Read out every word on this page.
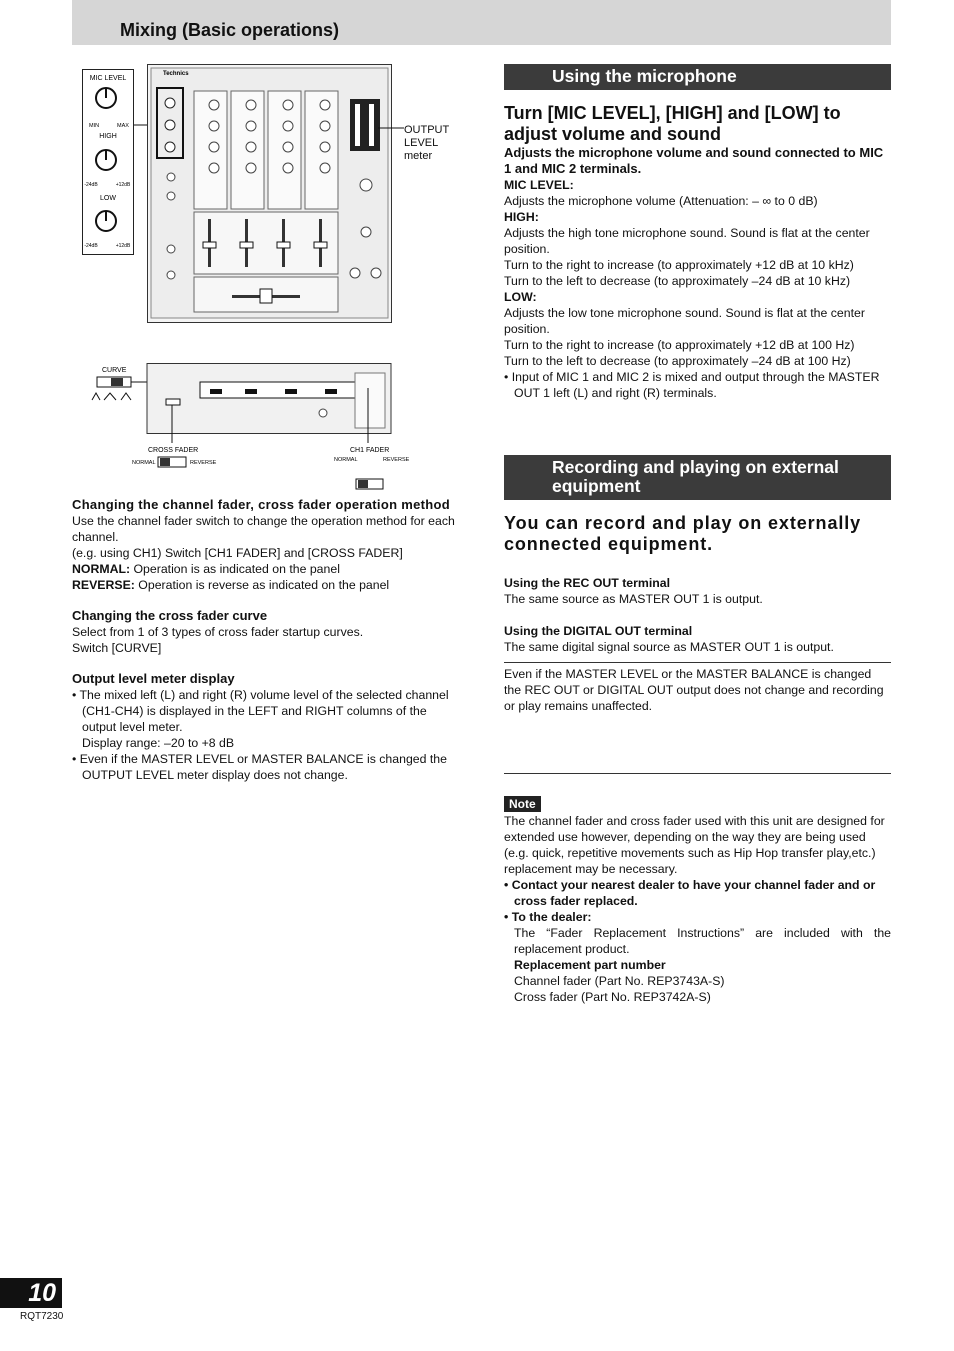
Mixing (Basic operations)
MIC LEVEL
MIN	MAX
HIGH
-24dB	+12dB
LOW
-24dB	+12dB
Technics
OUTPUT
LEVEL
meter
CURVE
CROSS FADER
NORMAL	REVERSE
CH1 FADER
NORMAL	REVERSE
Changing the channel fader, cross fader operation method
Use the channel fader switch to change the operation method for each channel.
(e.g. using CH1) Switch [CH1 FADER] and [CROSS FADER]
NORMAL: Operation is as indicated on the panel
REVERSE: Operation is reverse as indicated on the panel
Changing the cross fader curve
Select from 1 of 3 types of cross fader startup curves.
Switch [CURVE]
Output level meter display
• The mixed left (L) and right (R) volume level of the selected channel (CH1-CH4) is displayed in the LEFT and RIGHT columns of the output level meter.
Display range: –20 to +8 dB
• Even if the MASTER LEVEL or MASTER BALANCE is changed the OUTPUT LEVEL meter display does not change.
Using the microphone
Turn [MIC LEVEL], [HIGH] and [LOW] to adjust volume and sound
Adjusts the microphone volume and sound connected to MIC 1 and MIC 2 terminals.
MIC LEVEL:
Adjusts the microphone volume (Attenuation: – ∞ to 0 dB)
HIGH:
Adjusts the high tone microphone sound. Sound is flat at the center position.
Turn to the right to increase (to approximately +12 dB at 10 kHz)
Turn to the left to decrease (to approximately –24 dB at 10 kHz)
LOW:
Adjusts the low tone microphone sound. Sound is flat at the center position.
Turn to the right to increase (to approximately +12 dB at 100 Hz)
Turn to the left to decrease (to approximately –24 dB at 100 Hz)
• Input of MIC 1 and MIC 2 is mixed and output through the MASTER OUT 1 left (L) and right (R) terminals.
Recording and playing on external equipment
You can record and play on externally connected equipment.
Using the REC OUT terminal
The same source as MASTER OUT 1 is output.
Using the DIGITAL OUT terminal
The same digital signal source as MASTER OUT 1 is output.
Even if the MASTER LEVEL or the MASTER BALANCE is changed the REC OUT or DIGITAL OUT output does not change and recording or play remains unaffected.
Note
The channel fader and cross fader used with this unit are designed for extended use however, depending on the way they are being used (e.g. quick, repetitive movements such as Hip Hop transfer play,etc.) replacement may be necessary.
• Contact your nearest dealer to have your channel fader and or cross fader replaced.
• To the dealer:
The “Fader Replacement Instructions” are included with the replacement product.
Replacement part number
Channel fader (Part No. REP3743A-S)
Cross fader (Part No. REP3742A-S)
10
RQT7230
